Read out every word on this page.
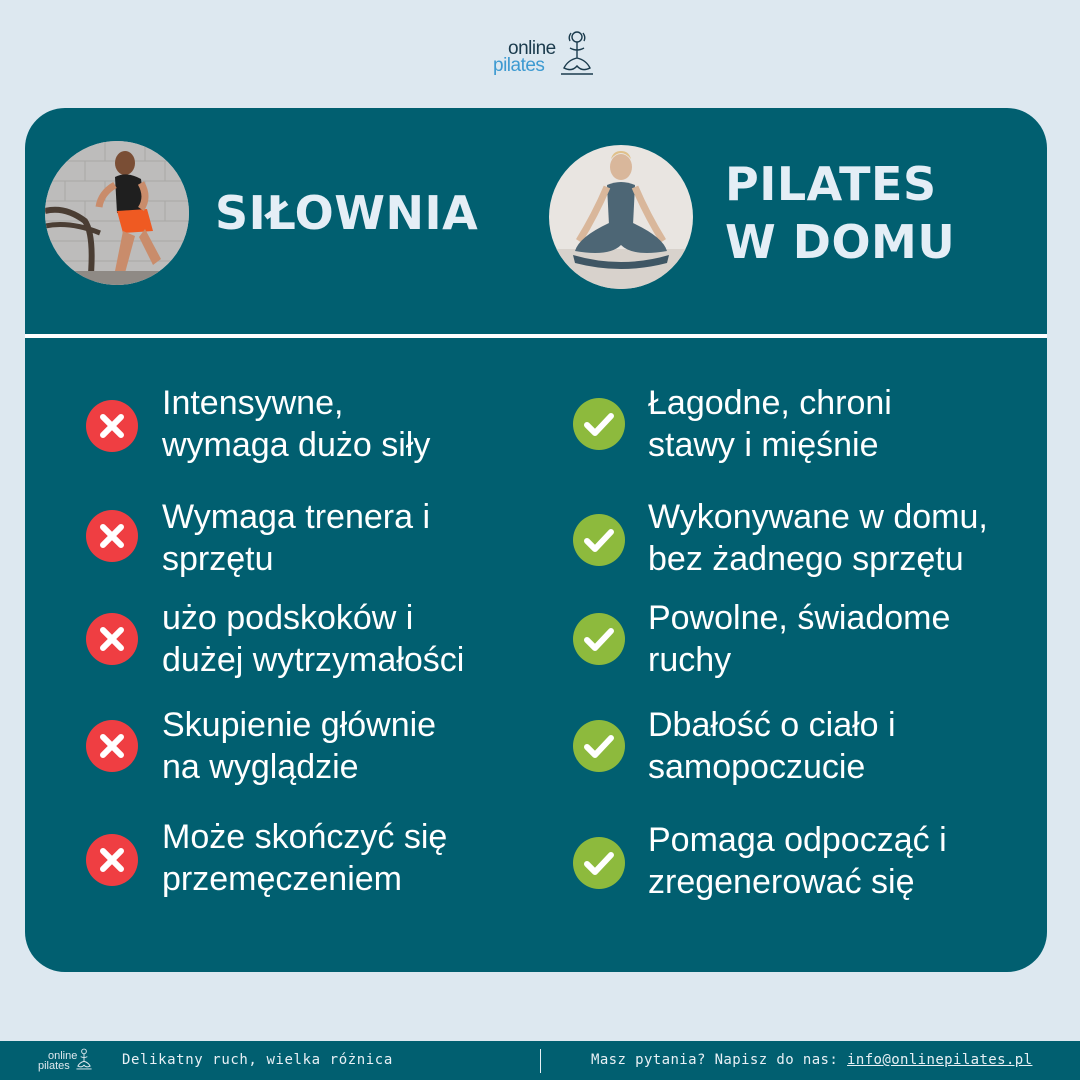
online
pilates
SIŁOWNIA
PILATES
W DOMU
Intensywne,
wymaga dużo siły
Wymaga trenera i
sprzętu
użo podskoków i
dużej wytrzymałości
Skupienie głównie
na wyglądzie
Może skończyć się
przemęczeniem
Łagodne, chroni
stawy i mięśnie
Wykonywane w domu,
bez żadnego sprzętu
Powolne, świadome
ruchy
Dbałość o ciało i
samopoczucie
Pomaga odpocząć i
zregenerować się
online
pilates	Delikatny ruch, wielka różnica	Masz pytania? Napisz do nas: info@onlinepilates.pl
